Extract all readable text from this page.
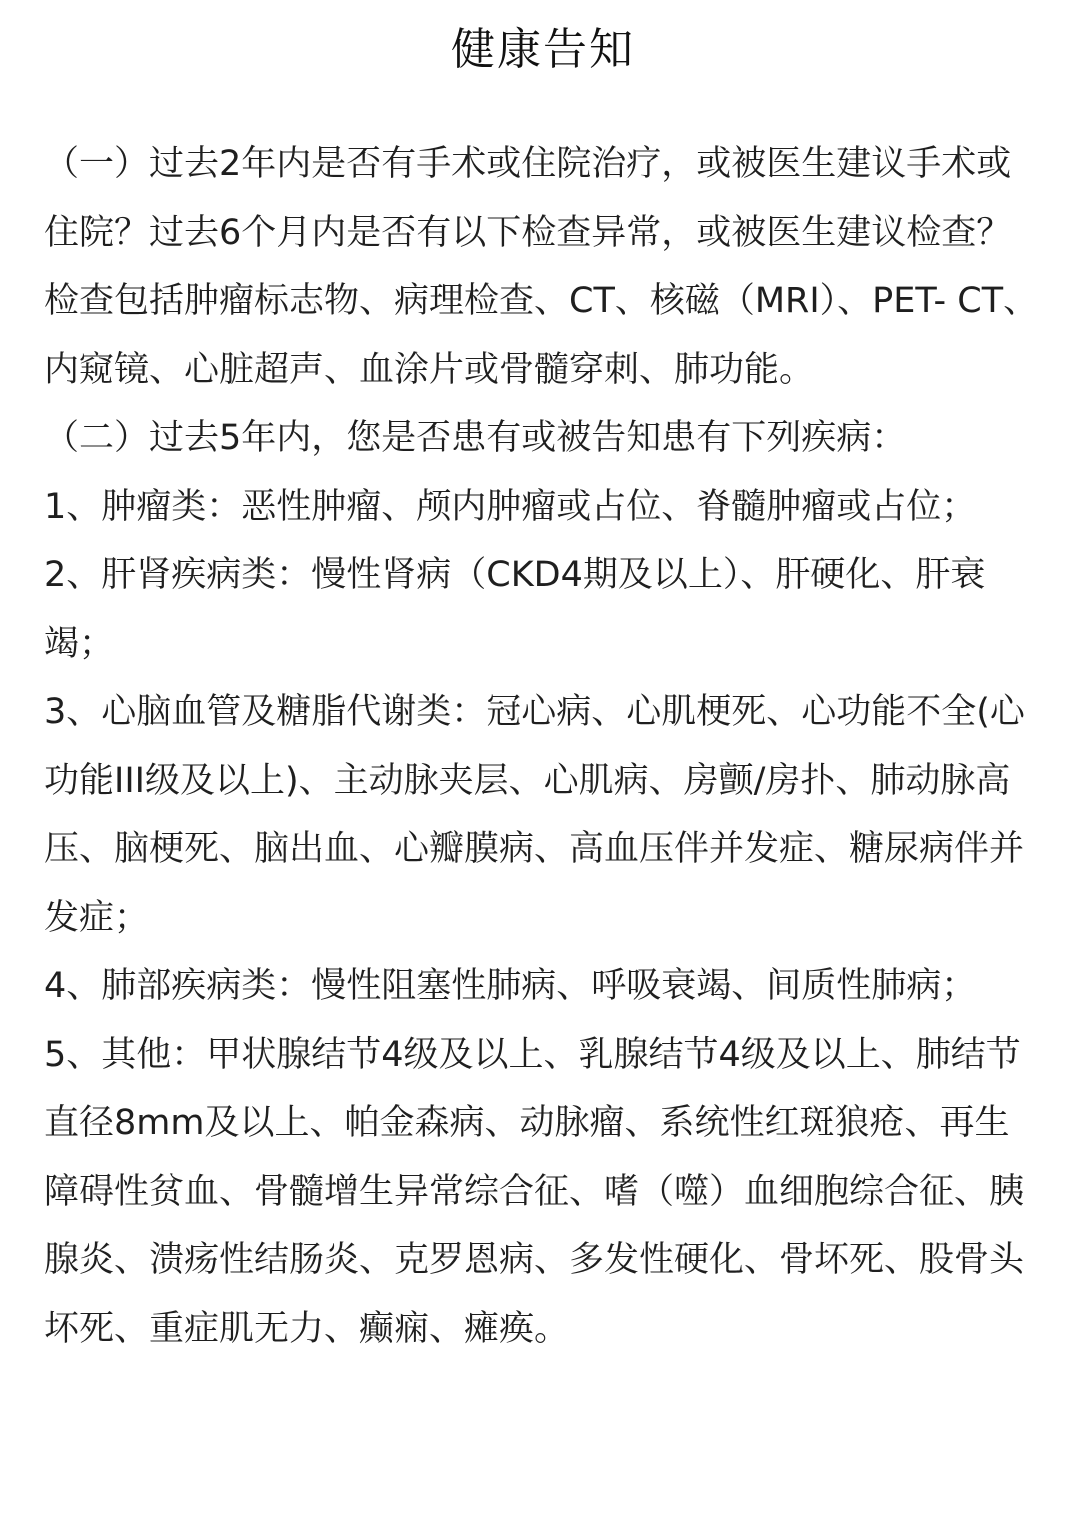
健康告知

（一）过去2年内是否有手术或住院治疗，或被医生建议手术或住院？过去6个月内是否有以下检查异常，或被医生建议检查？检查包括肿瘤标志物、病理检查、CT、核磁（MRI）、PET- CT、内窥镜、心脏超声、血涂片或骨髓穿刺、肺功能。

（二）过去5年内，您是否患有或被告知患有下列疾病：

1、肿瘤类：恶性肿瘤、颅内肿瘤或占位、脊髓肿瘤或占位；

2、肝肾疾病类：慢性肾病（CKD4期及以上）、肝硬化、肝衰竭；

3、心脑血管及糖脂代谢类：冠心病、心肌梗死、心功能不全(心功能III级及以上)、主动脉夹层、心肌病、房颤/房扑、肺动脉高压、脑梗死、脑出血、心瓣膜病、高血压伴并发症、糖尿病伴并发症；

4、肺部疾病类：慢性阻塞性肺病、呼吸衰竭、间质性肺病；

5、其他：甲状腺结节4级及以上、乳腺结节4级及以上、肺结节直径8mm及以上、帕金森病、动脉瘤、系统性红斑狼疮、再生障碍性贫血、骨髓增生异常综合征、嗜（噬）血细胞综合征、胰腺炎、溃疡性结肠炎、克罗恩病、多发性硬化、骨坏死、股骨头坏死、重症肌无力、癫痫、瘫痪。
